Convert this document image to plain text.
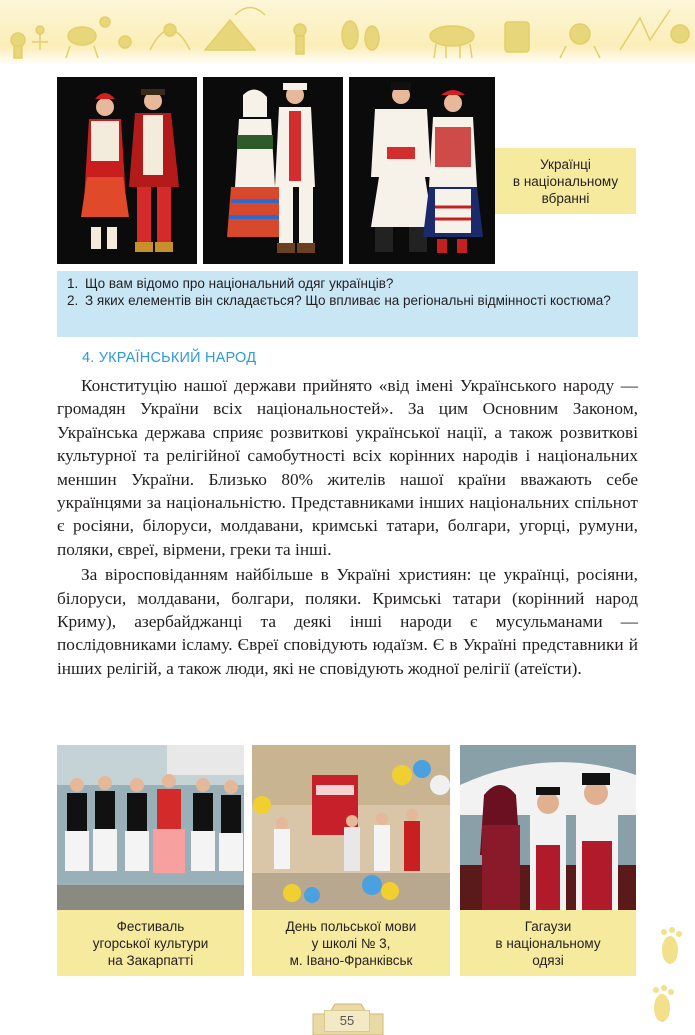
Українці
в національному
вбранні
1. Що вам відомо про національний одяг українців?
2. З яких елементів він складається? Що впливає на регіональні відмінності костюма?
4. УКРАЇНСЬКИЙ НАРОД

Конституцію нашої держави прийнято «від імені Українського народу — громадян України всіх національностей». За цим Основним Законом, Українська держава сприяє розвиткові української нації, а також розвиткові культурної та релігійної самобутності всіх корінних народів і національних меншин України. Близько 80% жителів нашої країни вважають себе українцями за національністю. Представниками інших національних спільнот є росіяни, білоруси, молдавани, кримські татари, болгари, угорці, румуни, поляки, євреї, вірмени, греки та інші.

За віросповіданням найбільше в Україні християн: це українці, росіяни, білоруси, молдавани, болгари, поляки. Кримські татари (корінний народ Криму), азербайджанці та деякі інші народи є мусульманами — послідовниками ісламу. Євреї сповідують юдаїзм. Є в Україні представники й інших релігій, а також люди, які не сповідують жодної релігії (атеїсти).

Фестиваль
угорської культури
на Закарпатті
День польської мови
у школі № 3,
м. Івано-Франківськ
Гагаузи
в національному
одязі
55
